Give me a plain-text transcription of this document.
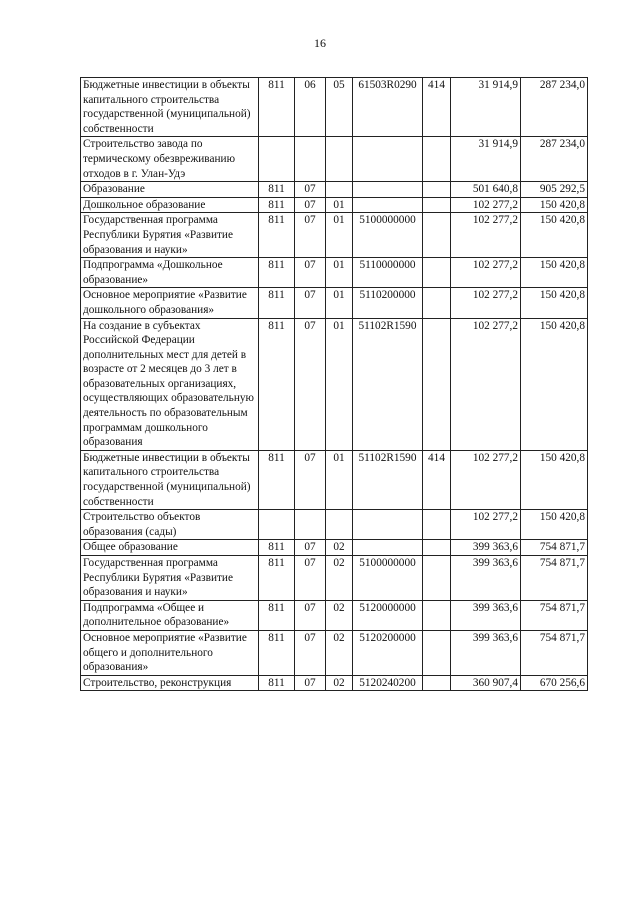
16
Бюджетные инвестиции в объекты капитального строительства государственной (муниципальной) собственности	811	06	05	61503R0290	414	31 914,9	287 234,0
Строительство завода по термическому обезвреживанию отходов в г. Улан-Удэ						31 914,9	287 234,0
Образование	811	07				501 640,8	905 292,5
Дошкольное образование	811	07	01			102 277,2	150 420,8
Государственная программа Республики Бурятия «Развитие образования и науки»	811	07	01	5100000000		102 277,2	150 420,8
Подпрограмма «Дошкольное образование»	811	07	01	5110000000		102 277,2	150 420,8
Основное мероприятие «Развитие дошкольного образования»	811	07	01	5110200000		102 277,2	150 420,8
На создание в субъектах Российской Федерации дополнительных мест для детей в возрасте от 2 месяцев до 3 лет в образовательных организациях, осуществляющих образовательную деятельность по образовательным программам дошкольного образования	811	07	01	51102R1590		102 277,2	150 420,8
Бюджетные инвестиции в объекты капитального строительства государственной (муниципальной) собственности	811	07	01	51102R1590	414	102 277,2	150 420,8
Строительство объектов образования (сады)						102 277,2	150 420,8
Общее образование	811	07	02			399 363,6	754 871,7
Государственная программа Республики Бурятия «Развитие образования и науки»	811	07	02	5100000000		399 363,6	754 871,7
Подпрограмма «Общее и дополнительное образование»	811	07	02	5120000000		399 363,6	754 871,7
Основное мероприятие «Развитие общего и дополнительного образования»	811	07	02	5120200000		399 363,6	754 871,7
Строительство, реконструкция	811	07	02	5120240200		360 907,4	670 256,6
